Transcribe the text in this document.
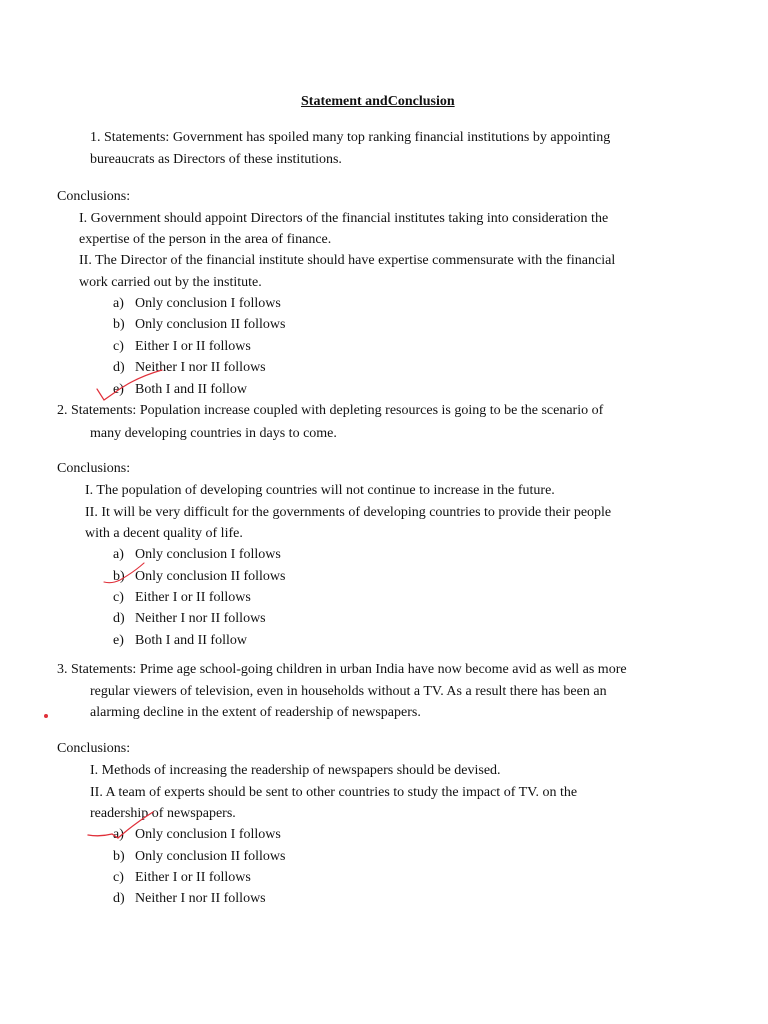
Statement andConclusion
1. Statements: Government has spoiled many top ranking financial institutions by appointing
bureaucrats as Directors of these institutions.
Conclusions:
I. Government should appoint Directors of the financial institutes taking into consideration the
expertise of the person in the area of finance.
II. The Director of the financial institute should have expertise commensurate with the financial
work carried out by the institute.
a) Only conclusion I follows
b) Only conclusion II follows
c) Either I or II follows
d) Neither I nor II follows
e) Both I and II follow
2. Statements: Population increase coupled with depleting resources is going to be the scenario of
many developing countries in days to come.
Conclusions:
I. The population of developing countries will not continue to increase in the future.
II. It will be very difficult for the governments of developing countries to provide their people
with a decent quality of life.
a) Only conclusion I follows
b) Only conclusion II follows
c) Either I or II follows
d) Neither I nor II follows
e) Both I and II follow
3. Statements: Prime age school-going children in urban India have now become avid as well as more
regular viewers of television, even in households without a TV. As a result there has been an
alarming decline in the extent of readership of newspapers.
Conclusions:
I. Methods of increasing the readership of newspapers should be devised.
II. A team of experts should be sent to other countries to study the impact of TV. on the
readership of newspapers.
a) Only conclusion I follows
b) Only conclusion II follows
c) Either I or II follows
d) Neither I nor II follows
